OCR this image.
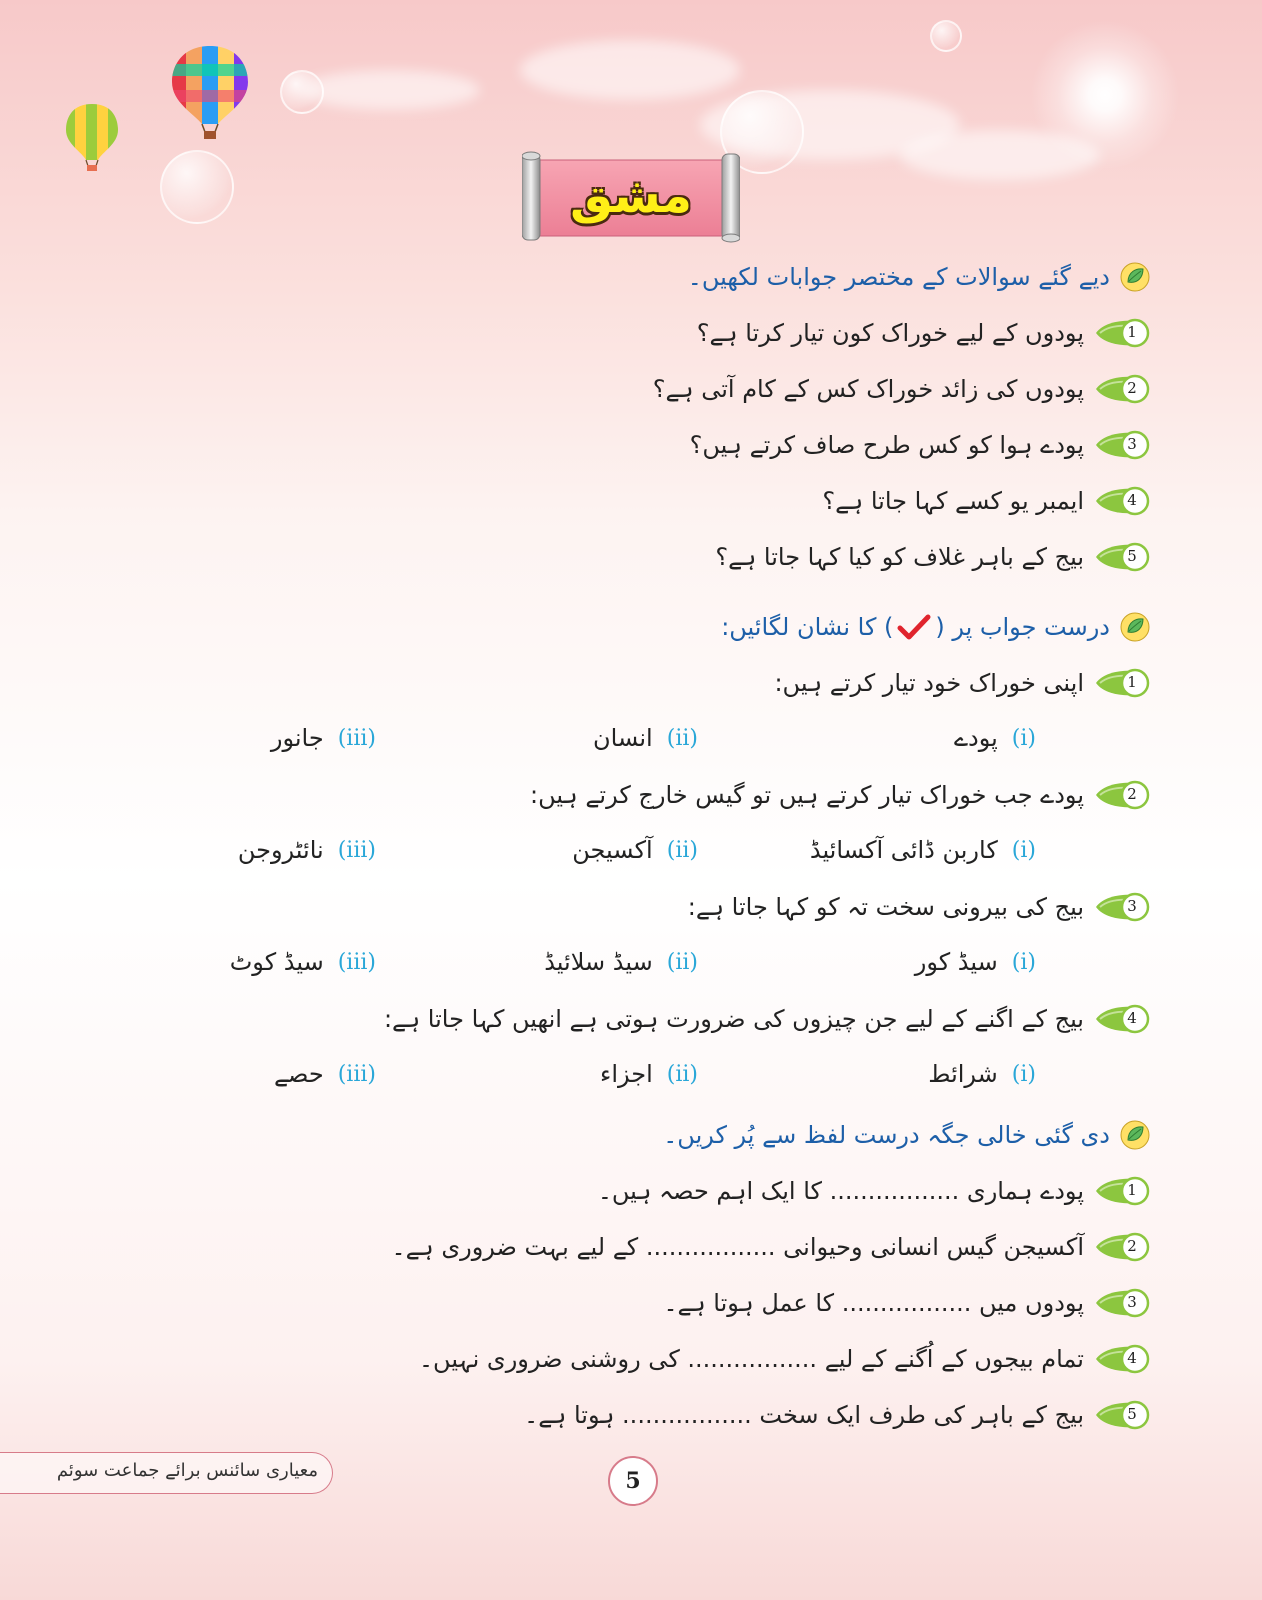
مشق
دیے گئے سوالات کے مختصر جوابات لکھیں۔
1
پودوں کے لیے خوراک کون تیار کرتا ہے؟
2
پودوں کی زائد خوراک کس کے کام آتی ہے؟
3
پودے ہوا کو کس طرح صاف کرتے ہیں؟
4
ایمبر یو کسے کہا جاتا ہے؟
5
بیج کے باہر غلاف کو کیا کہا جاتا ہے؟
درست جواب پر (
) کا نشان لگائیں:
1
اپنی خوراک خود تیار کرتے ہیں:
(i)
پودے
(ii)
انسان
(iii)
جانور
2
پودے جب خوراک تیار کرتے ہیں تو گیس خارج کرتے ہیں:
(i)
کاربن ڈائی آکسائیڈ
(ii)
آکسیجن
(iii)
نائٹروجن
3
بیج کی بیرونی سخت تہ کو کہا جاتا ہے:
(i)
سیڈ کور
(ii)
سیڈ سلائیڈ
(iii)
سیڈ کوٹ
4
بیج کے اگنے کے لیے جن چیزوں کی ضرورت ہوتی ہے انھیں کہا جاتا ہے:
(i)
شرائط
(ii)
اجزاء
(iii)
حصے
دی گئی خالی جگہ درست لفظ سے پُر کریں۔
1
پودے ہماری ................. کا ایک اہم حصہ ہیں۔
2
آکسیجن گیس انسانی وحیوانی ................. کے لیے بہت ضروری ہے۔
3
پودوں میں ................. کا عمل ہوتا ہے۔
4
تمام بیجوں کے اُگنے کے لیے ................. کی روشنی ضروری نہیں۔
5
بیج کے باہر کی طرف ایک سخت ................. ہوتا ہے۔
معیاری سائنس برائے جماعت سوئم	5
